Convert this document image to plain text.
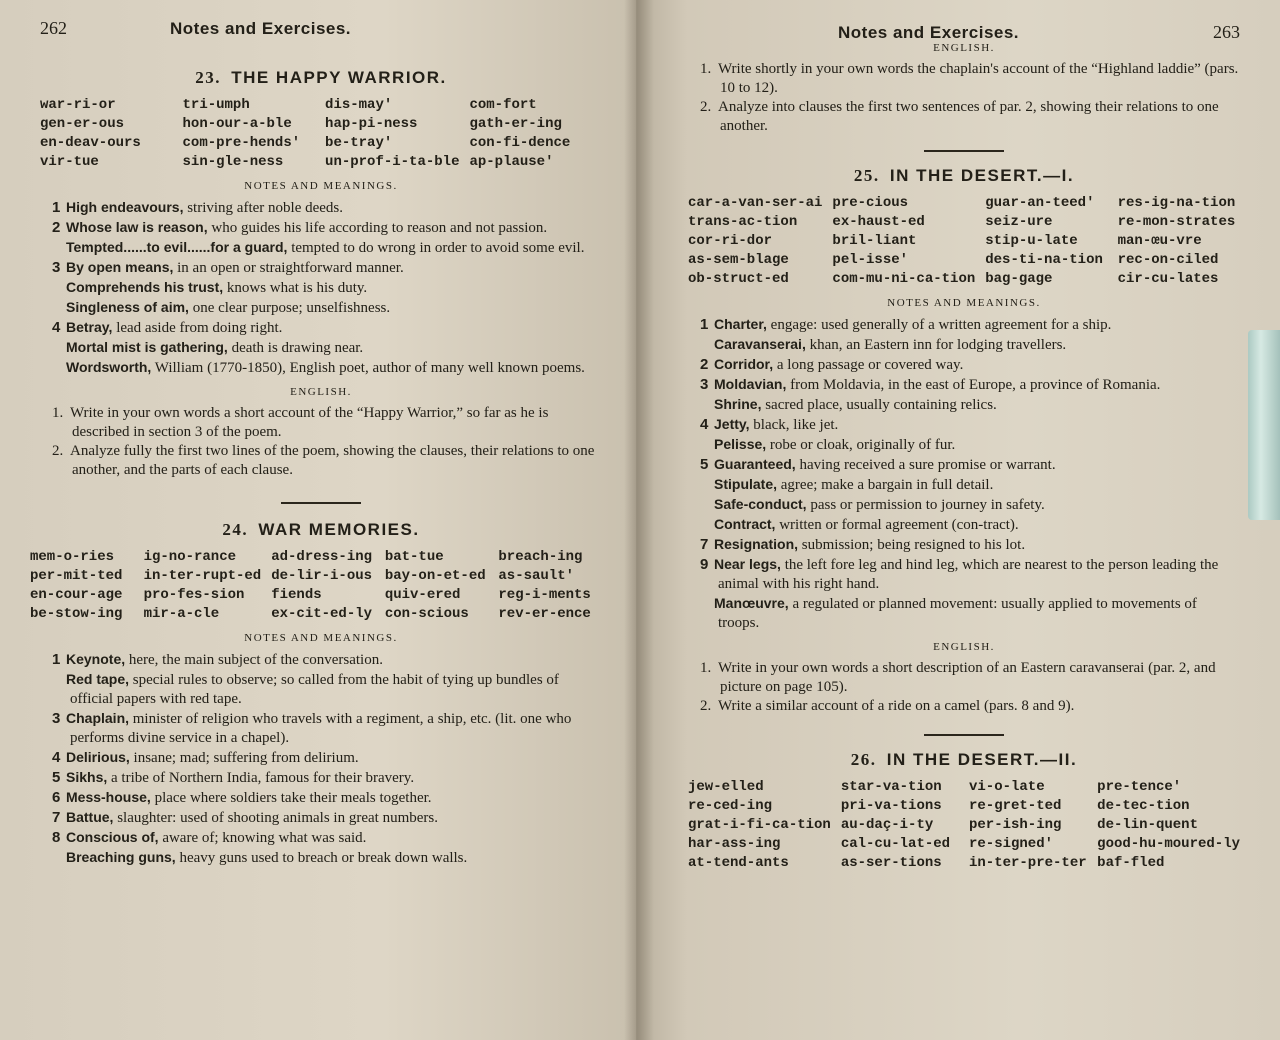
262	Notes and Exercises.
23. THE HAPPY WARRIOR.
war-ri-or
gen-er-ous
en-deav-ours
vir-tue
tri-umph
hon-our-a-ble
com-pre-hends′
sin-gle-ness
dis-may′
hap-pi-ness
be-tray′
un-prof-i-ta-ble
com-fort
gath-er-ing
con-fi-dence
ap-plause′
NOTES AND MEANINGS.

1 High endeavours, striving after noble deeds.

2 Whose law is reason, who guides his life according to reason and not passion.

Tempted......to evil......for a guard, tempted to do wrong in order to avoid some evil.

3 By open means, in an open or straightforward manner.

Comprehends his trust, knows what is his duty.

Singleness of aim, one clear purpose; unselfishness.

4 Betray, lead aside from doing right.

Mortal mist is gathering, death is drawing near.

Wordsworth, William (1770-1850), English poet, author of many well known poems.

ENGLISH.

1. Write in your own words a short account of the “Happy Warrior,” so far as he is described in section 3 of the poem.

2. Analyze fully the first two lines of the poem, showing the clauses, their relations to one another, and the parts of each clause.

24. WAR MEMORIES.
mem-o-ries
per-mit-ted
en-cour-age
be-stow-ing
ig-no-rance
in-ter-rupt-ed
pro-fes-sion
mir-a-cle
ad-dress-ing
de-lir-i-ous
fiends
ex-cit-ed-ly
bat-tue
bay-on-et-ed
quiv-ered
con-scious
breach-ing
as-sault′
reg-i-ments
rev-er-ence
NOTES AND MEANINGS.

1 Keynote, here, the main subject of the conversation.

Red tape, special rules to observe; so called from the habit of tying up bundles of official papers with red tape.

3 Chaplain, minister of religion who travels with a regiment, a ship, etc. (lit. one who performs divine service in a chapel).

4 Delirious, insane; mad; suffering from delirium.

5 Sikhs, a tribe of Northern India, famous for their bravery.

6 Mess-house, place where soldiers take their meals together.

7 Battue, slaughter: used of shooting animals in great numbers.

8 Conscious of, aware of; knowing what was said.

Breaching guns, heavy guns used to breach or break down walls.

Notes and Exercises.	263
ENGLISH.

1. Write shortly in your own words the chaplain's account of the “Highland laddie” (pars. 10 to 12).

2. Analyze into clauses the first two sentences of par. 2, showing their relations to one another.

25. IN THE DESERT.—I.
car-a-van-ser-ai
trans-ac-tion
cor-ri-dor
as-sem-blage
ob-struct-ed
pre-cious
ex-haust-ed
bril-liant
pel-isse′
com-mu-ni-ca-tion
guar-an-teed′
seiz-ure
stip-u-late
des-ti-na-tion
bag-gage
res-ig-na-tion
re-mon-strates
man-œu-vre
rec-on-ciled
cir-cu-lates
NOTES AND MEANINGS.

1 Charter, engage: used generally of a written agreement for a ship.

Caravanserai, khan, an Eastern inn for lodging travellers.

2 Corridor, a long passage or covered way.

3 Moldavian, from Moldavia, in the east of Europe, a province of Romania.

Shrine, sacred place, usually containing relics.

4 Jetty, black, like jet.

Pelisse, robe or cloak, originally of fur.

5 Guaranteed, having received a sure promise or warrant.

Stipulate, agree; make a bargain in full detail.

Safe-conduct, pass or permission to journey in safety.

Contract, written or formal agreement (con-tract).

7 Resignation, submission; being resigned to his lot.

9 Near legs, the left fore leg and hind leg, which are nearest to the person leading the animal with his right hand.

Manœuvre, a regulated or planned movement: usually applied to movements of troops.

ENGLISH.

1. Write in your own words a short description of an Eastern caravanserai (par. 2, and picture on page 105).

2. Write a similar account of a ride on a camel (pars. 8 and 9).

26. IN THE DESERT.—II.
jew-elled
re-ced-ing
grat-i-fi-ca-tion
har-ass-ing
at-tend-ants
star-va-tion
pri-va-tions
au-daç-i-ty
cal-cu-lat-ed
as-ser-tions
vi-o-late
re-gret-ted
per-ish-ing
re-signed′
in-ter-pre-ter
pre-tence′
de-tec-tion
de-lin-quent
good-hu-moured-ly
baf-fled
